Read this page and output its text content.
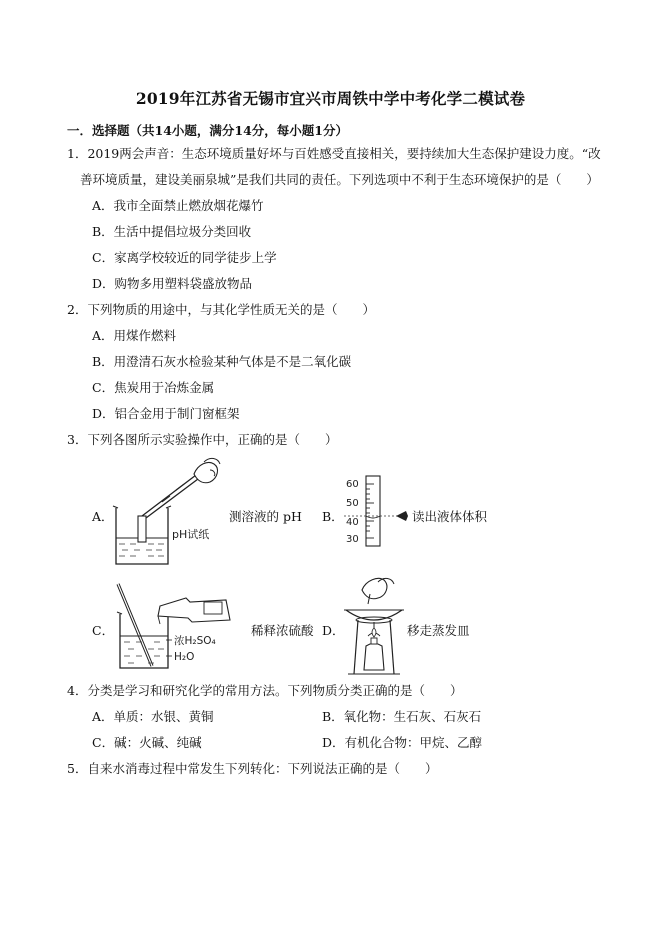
2019年江苏省无锡市宜兴市周铁中学中考化学二模试卷
一．选择题（共14小题，满分14分，每小题1分）
1．2019两会声音：生态环境质量好坏与百姓感受直接相关，要持续加大生态保护建设力度。“改
善环境质量，建设美丽泉城”是我们共同的责任。下列选项中不利于生态环境保护的是（　　）
A．我市全面禁止燃放烟花爆竹
B．生活中提倡垃圾分类回收
C．家离学校较近的同学徒步上学
D．购物多用塑料袋盛放物品
2．下列物质的用途中，与其化学性质无关的是（　　）
A．用煤作燃料
B．用澄清石灰水检验某种气体是不是二氧化碳
C．焦炭用于冶炼金属
D．铝合金用于制门窗框架
3．下列各图所示实验操作中，正确的是（　　）
A．
pH试纸
测溶液的 pH B．
60
50
40
30
读出液体体积
C．
浓H₂SO₄
H₂O
稀释浓硫酸 D．	移走蒸发皿
4．分类是学习和研究化学的常用方法。下列物质分类正确的是（　　）
A．单质：水银、黄铜	B．氧化物：生石灰、石灰石
C．碱：火碱、纯碱	D．有机化合物：甲烷、乙醇
5．自来水消毒过程中常发生下列转化：下列说法正确的是（　　）
